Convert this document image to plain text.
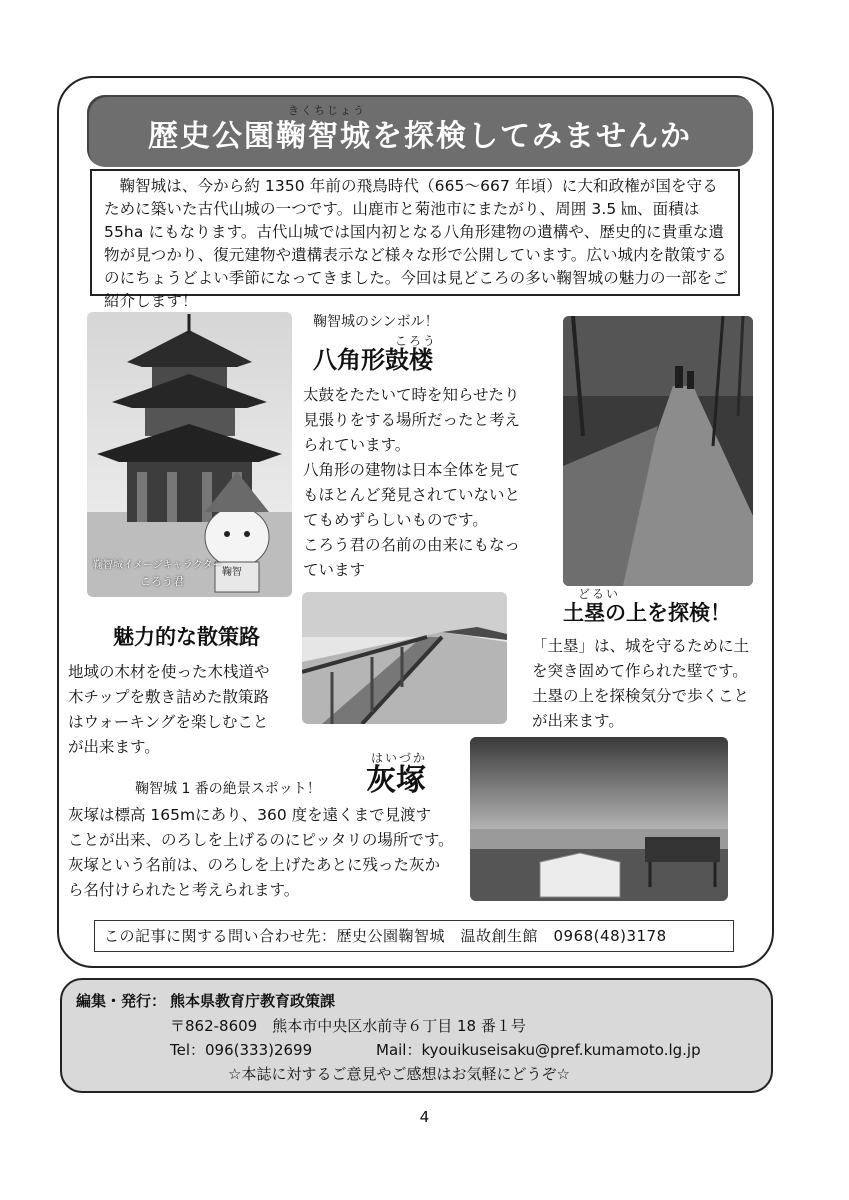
きくちじょう
歴史公園鞠智城を探検してみませんか
鞠智城は、今から約 1350 年前の飛鳥時代（665〜667 年頃）に大和政権が国を守るために築いた古代山城の一つです。山鹿市と菊池市にまたがり、周囲 3.5 ㎞、面積は 55ha にもなります。古代山城では国内初となる八角形建物の遺構や、歴史的に貴重な遺物が見つかり、復元建物や遺構表示など様々な形で公開しています。広い城内を散策するのにちょうどよい季節になってきました。今回は見どころの多い鞠智城の魅力の一部をご紹介します！
鞠智城イメージキャラクター
ころう君
鞠智
鞠智城のシンボル！
ころう
八角形鼓楼
太鼓をたたいて時を知らせたり
見張りをする場所だったと考え
られています。
八角形の建物は日本全体を見て
もほとんど発見されていないと
てもめずらしいものです。
ころう君の名前の由来にもなっ
ています
どるい
土塁の上を探検！
「土塁」は、城を守るために土
を突き固めて作られた壁です。
土塁の上を探検気分で歩くこと
が出来ます。
魅力的な散策路
地域の木材を使った木桟道や
木チップを敷き詰めた散策路
はウォーキングを楽しむこと
が出来ます。
鞠智城 1 番の絶景スポット！
はいづか
灰塚
灰塚は標高 165mにあり、360 度を遠くまで見渡す
ことが出来、のろしを上げるのにピッタリの場所です。
灰塚という名前は、のろしを上げたあとに残った灰か
ら名付けられたと考えられます。
この記事に関する問い合わせ先：歴史公園鞠智城　温故創生館　0968(48)3178
編集・発行： 熊本県教育庁教育政策課
〒862-8609　熊本市中央区水前寺６丁目 18 番１号
Tel：096(333)2699	Mail：kyouikuseisaku@pref.kumamoto.lg.jp
☆本誌に対するご意見やご感想はお気軽にどうぞ☆
4
